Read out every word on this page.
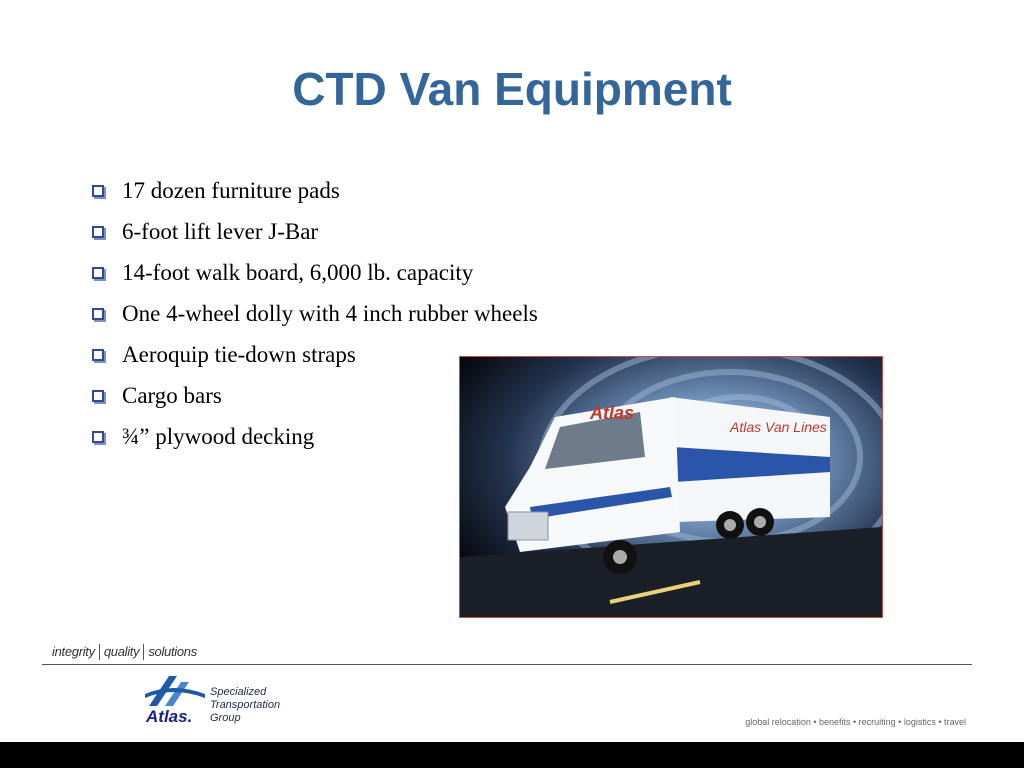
CTD Van Equipment
17 dozen furniture pads
6-foot lift lever J-Bar
14-foot walk board, 6,000 lb. capacity
One 4-wheel dolly with 4 inch rubber wheels
Aeroquip tie-down straps
Cargo bars
¾” plywood decking	Atlas Van Lines
Atlas
integrity quality solutions
Specialized
Transportation
Group
Atlas.	global relocation • benefits • recruiting • logistics • travel
